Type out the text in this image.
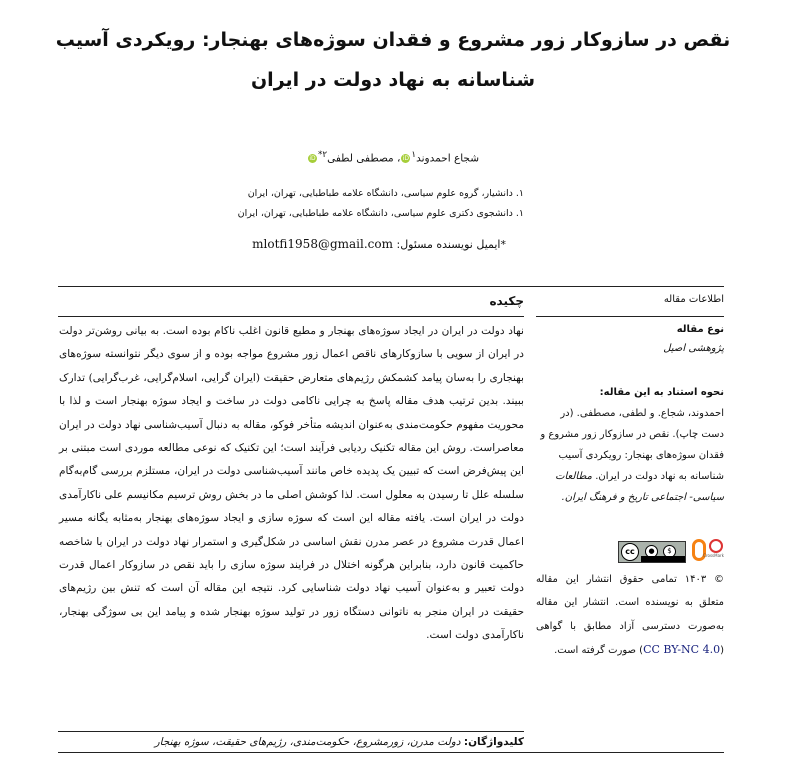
نقص در سازوکار زور مشروع و فقدان سوژه‌های بهنجار: رویکردی آسیب شناسانه به نهاد دولت در ایران
شجاع احمدوند$^۱$iD، مصطفی لطفی$^{۲*}$iD
۱. دانشیار، گروه علوم سیاسی، دانشگاه علامه طباطبایی، تهران، ایران
۱. دانشجوی دکتری علوم سیاسی، دانشگاه علامه طباطبایی، تهران، ایران
*ایمیل نویسنده مسئول: mlotfi1958@gmail.com
اطلاعات مقاله
چکیده
نهاد دولت در ایران در ایجاد سوژه‌های بهنجار و مطیع قانون اغلب ناکام بوده است. به بیانی روشن‌تر دولت در ایران از سویی با سازوکارهای ناقص اعمال زور مشروع مواجه بوده و از سوی دیگر نتوانسته سوژه‌های بهنجاری را به‌سان پیامد کشمکش رژیم‌های متعارض حقیقت (ایران گرایی، اسلام‌گرایی، غرب‌گرایی) تدارک ببیند. بدین ترتیب هدف مقاله پاسخ به چرایی ناکامی دولت در ساخت و ایجاد سوژه بهنجار است و لذا با محوریت مفهوم حکومت‌مندی به‌عنوان اندیشه متأخر فوکو، مقاله به دنبال آسیب‌شناسی نهاد دولت در ایران معاصراست. روش این مقاله تکنیک ردیابی فرآیند است؛ این تکنیک که نوعی مطالعه موردی است مبتنی بر این پیش‌فرض است که تبیین یک پدیده خاص مانند آسیب‌شناسی دولت در ایران، مستلزم بررسی گام‌به‌گام سلسله علل تا رسیدن به معلول است. لذا کوشش اصلی ما در بخش روش ترسیم مکانیسم علی ناکارآمدی دولت در ایران است. یافته مقاله این است که سوژه سازی و ایجاد سوژه‌های بهنجار به‌مثابه یگانه مسیر اعمال قدرت مشروع در عصر مدرن نقش اساسی در شکل‌گیری و استمرار نهاد دولت در ایران با شاخصه حاکمیت قانون دارد، بنابراین هرگونه اختلال در فرایند سوژه سازی را باید نقص در سازوکار اعمال قدرت دولت تعبیر و به‌عنوان آسیب نهاد دولت شناسایی کرد. نتیجه این مقاله آن است که تنش بین رژیم‌های حقیقت در ایران منجر به ناتوانی دستگاه زور در تولید سوژه بهنجار شده و پیامد این بی سوژگی بهنجار، ناکارآمدی دولت است.
کلیدواژگان: دولت مدرن، زورمشروع، حکومت‌مندی، رژیم‌های حقیقت، سوژه بهنجار
نوع مقاله
پژوهشی اصیل
نحوه استناد به این مقاله:
احمدوند، شجاع. و لطفی، مصطفی. (در دست چاپ). نقص در سازوکار زور مشروع و فقدان سوژه‌های بهنجار: رویکردی آسیب شناسانه به نهاد دولت در ایران. مطالعات سیاسی- اجتماعی تاریخ و فرهنگ ایران.
cc	●	$
CrossMark
© ۱۴۰۳ تمامی حقوق انتشار این مقاله متعلق به نویسنده است. انتشار این مقاله به‌صورت دسترسی آزاد مطابق با گواهی (CC BY-NC 4.0) صورت گرفته است.
